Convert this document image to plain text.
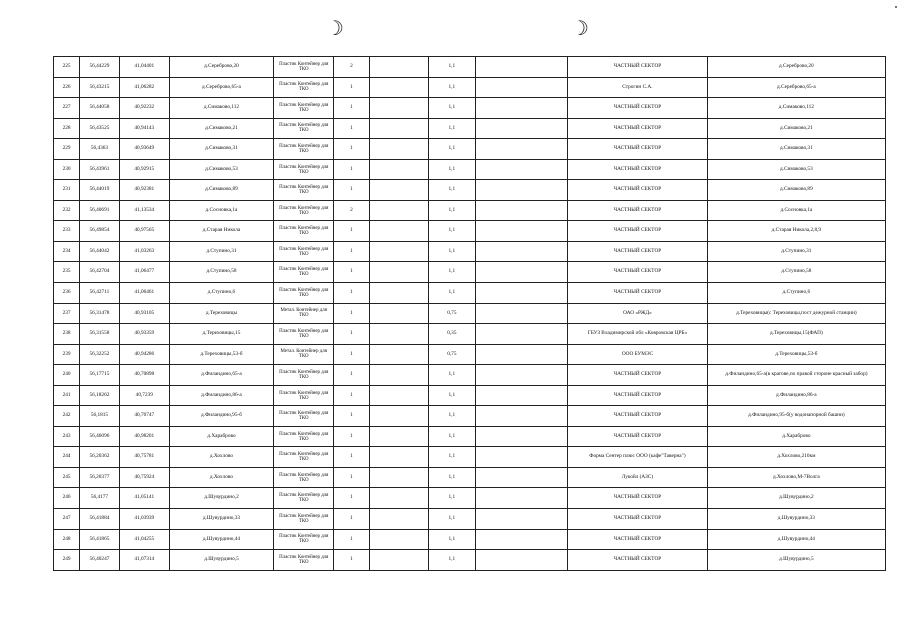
☽	☽
225	56,44229	41,04401	д.Сереброво,20	Пластик Контейнер для ТКО	2		1,1		ЧАСТНЫЙ СЕКТОР	д.Сереброво,20
226	56,43215	41,06282	д.Сереброво,65-а	Пластик Контейнер для ТКО	1		1,1		Строгин С.А.	д.Сереброво,65-а
227	56,44058	40,92232	д.Симаково,112	Пластик Контейнер для ТКО	1		1,1		ЧАСТНЫЙ СЕКТОР	д.Симаково,112
228	56,43525	40,94143	д.Симаково,21	Пластик Контейнер для ТКО	1		1,1		ЧАСТНЫЙ СЕКТОР	д.Симаково,21
229	56,4363	40,93649	д.Симаково,31	Пластик Контейнер для ТКО	1		1,1		ЧАСТНЫЙ СЕКТОР	д.Симаково,31
230	56,43961	40,92915	д.Симаково,53	Пластик Контейнер для ТКО	1		1,1		ЧАСТНЫЙ СЕКТОР	д.Симаково,53
231	56,44019	40,92381	д.Симаково,89	Пластик Контейнер для ТКО	1		1,1		ЧАСТНЫЙ СЕКТОР	д.Симаково,89
232	56,40691	41,13534	д.Сосновка,1а	Пластик Контейнер для ТКО	2		1,1		ЧАСТНЫЙ СЕКТОР	д.Сосновка,1а
233	56,49854	40,97565	д.Старая Никола	Пластик Контейнер для ТКО	1		1,1		ЧАСТНЫЙ СЕКТОР	д.Старая Никола,2,8,9
234	56,44042	41,03263	д.Ступино,31	Пластик Контейнер для ТКО	1		1,1		ЧАСТНЫЙ СЕКТОР	д.Ступино,31
235	56,42704	41,06477	д.Ступино,58	Пластик Контейнер для ТКО	1		1,1		ЧАСТНЫЙ СЕКТОР	д.Ступино,58
236	56,42711	41,06461	д.Ступино,6	Пластик Контейнер для ТКО	1		1,1		ЧАСТНЫЙ СЕКТОР	д.Ступино,6
237	56,31478	40,93105	д.Тереховицы	Метал. Контейнер для ТКО	1		0,75		ОАО «РЖД»	д.Тереховицы(с Тереховицы,пост дежурной станции)
238	56,31558	40,93359	д.Тереховицы,15	Пластик Контейнер для ТКО	1		0,35		ГБУЗ Владимирской обл «Ковровская ЦРБ»	д.Тереховицы,15(ФАП)
239	56,32252	40,94286	д.Тереховицы,53-б	Метал. Контейнер для ТКО	1		0,75		ООО БУМЭС	д.Тереховицы,53-б
240	56,17715	40,70898	д.Филандино,65-а	Пластик Контейнер для ТКО	1		1,1		ЧАСТНЫЙ СЕКТОР	д.Филандино,65-а(в крагове,по правой стороне красный забор)
241	56,18262	40,7239	д.Филандино,86-а	Пластик Контейнер для ТКО	1		1,1		ЧАСТНЫЙ СЕКТОР	д.Филандино,86-а
242	56,1815	40,70747	д.Филандино,95-б	Пластик Контейнер для ТКО	1		1,1		ЧАСТНЫЙ СЕКТОР	д.Филандино,95-б(у водонапорной башни)
243	56,46096	40,98201	д.Хараброво	Пластик Контейнер для ТКО	1		1,1		ЧАСТНЫЙ СЕКТОР	д.Хараброво
244	56,20362	40,75781	д.Хохлово	Пластик Контейнер для ТКО	1		1,1		Форма Сентер плюс ООО (кафе"Таверна")	д.Хохлово,210км
245	56,20377	40,75924	д.Хохлово	Пластик Контейнер для ТКО	1		1,1		Лукойл (АЗС)	д.Хохлово,М-7Волга
246	56,4177	41,05141	д.Шувурдино,2	Пластик Контейнер для ТКО	1		1,1		ЧАСТНЫЙ СЕКТОР	д.Шувурдино,2
247	56,41884	41,03939	д.Шувурдино,33	Пластик Контейнер для ТКО	1		1,1		ЧАСТНЫЙ СЕКТОР	д.Шувурдино,33
248	56,41865	41,04255	д.Шувурдино,44	Пластик Контейнер для ТКО	1		1,1		ЧАСТНЫЙ СЕКТОР	д.Шувурдино,44
249	56,40247	41,07314	д.Шувурдино,5	Пластик Контейнер для ТКО	1		1,1		ЧАСТНЫЙ СЕКТОР	д.Шувурдино,5
